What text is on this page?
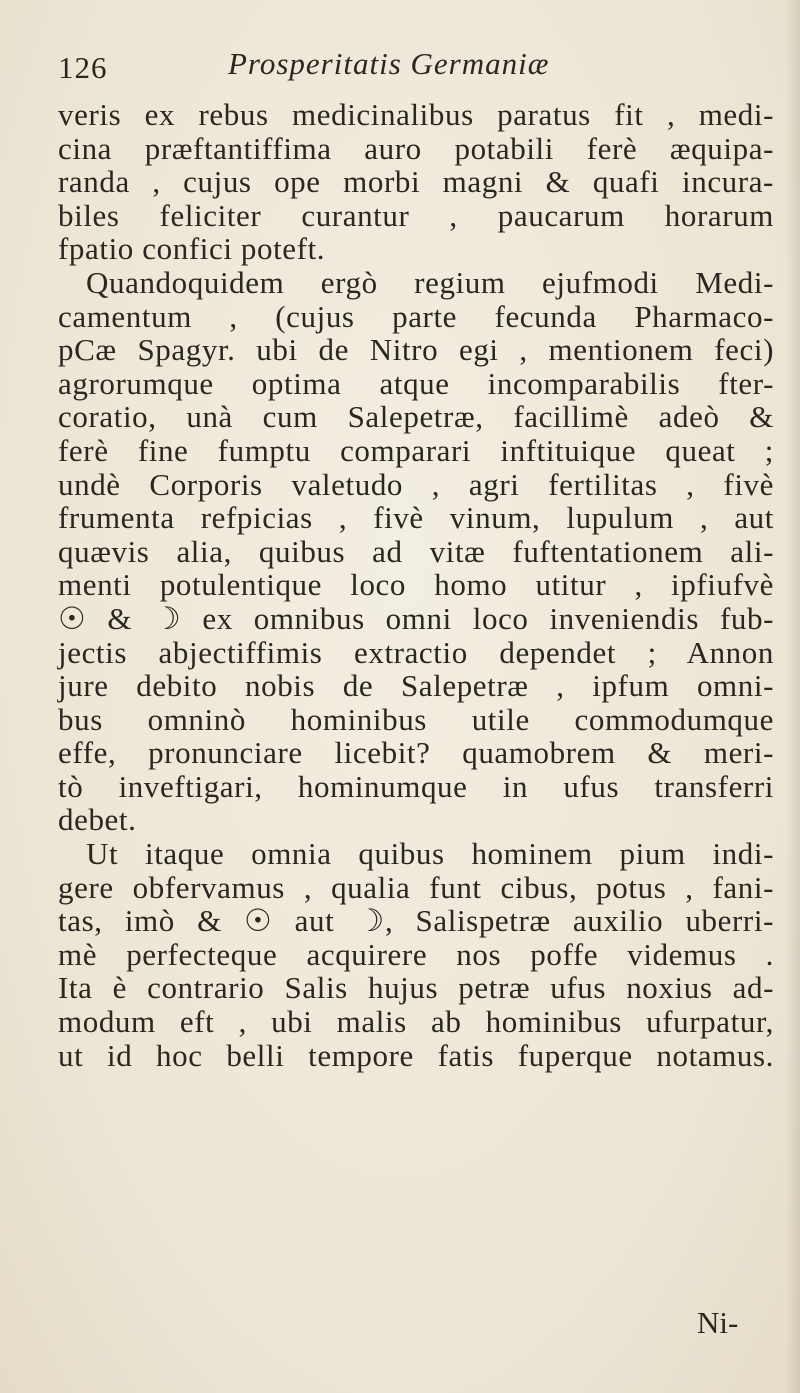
126	Prosperitatis Germaniæ
veris ex rebus medicinalibus paratus fit , medi-
cina præftantiffima auro potabili ferè æquipa-
randa , cujus ope morbi magni & quafi incura-
biles feliciter curantur , paucarum horarum
fpatio confici poteft.
Quandoquidem ergò regium ejufmodi Medi-
camentum , (cujus parte fecunda Pharmaco-
pϹæ Spagyr. ubi de Nitro egi , mentionem feci)
agrorumque optima atque incomparabilis fter-
coratio, unà cum Salepetræ, facillimè adeò &
ferè fine fumptu comparari inftituique queat ;
undè Corporis valetudo , agri fertilitas , fivè
frumenta refpicias , fivè vinum, lupulum , aut
quævis alia, quibus ad vitæ fuftentationem ali-
menti potulentique loco homo utitur , ipfiufvè
☉ & ☽ ex omnibus omni loco inveniendis fub-
jectis abjectiffimis extractio dependet ; Annon
jure debito nobis de Salepetræ , ipfum omni-
bus omninò hominibus utile commodumque
effe, pronunciare licebit? quamobrem & meri-
tò inveftigari, hominumque in ufus transferri
debet.
Ut itaque omnia quibus hominem pium indi-
gere obfervamus , qualia funt cibus, potus , fani-
tas, imò & ☉ aut ☽, Salispetræ auxilio uberri-
mè perfecteque acquirere nos poffe videmus .
Ita è contrario Salis hujus petræ ufus noxius ad-
modum eft , ubi malis ab hominibus ufurpatur,
ut id hoc belli tempore fatis fuperque notamus.
Ni-
